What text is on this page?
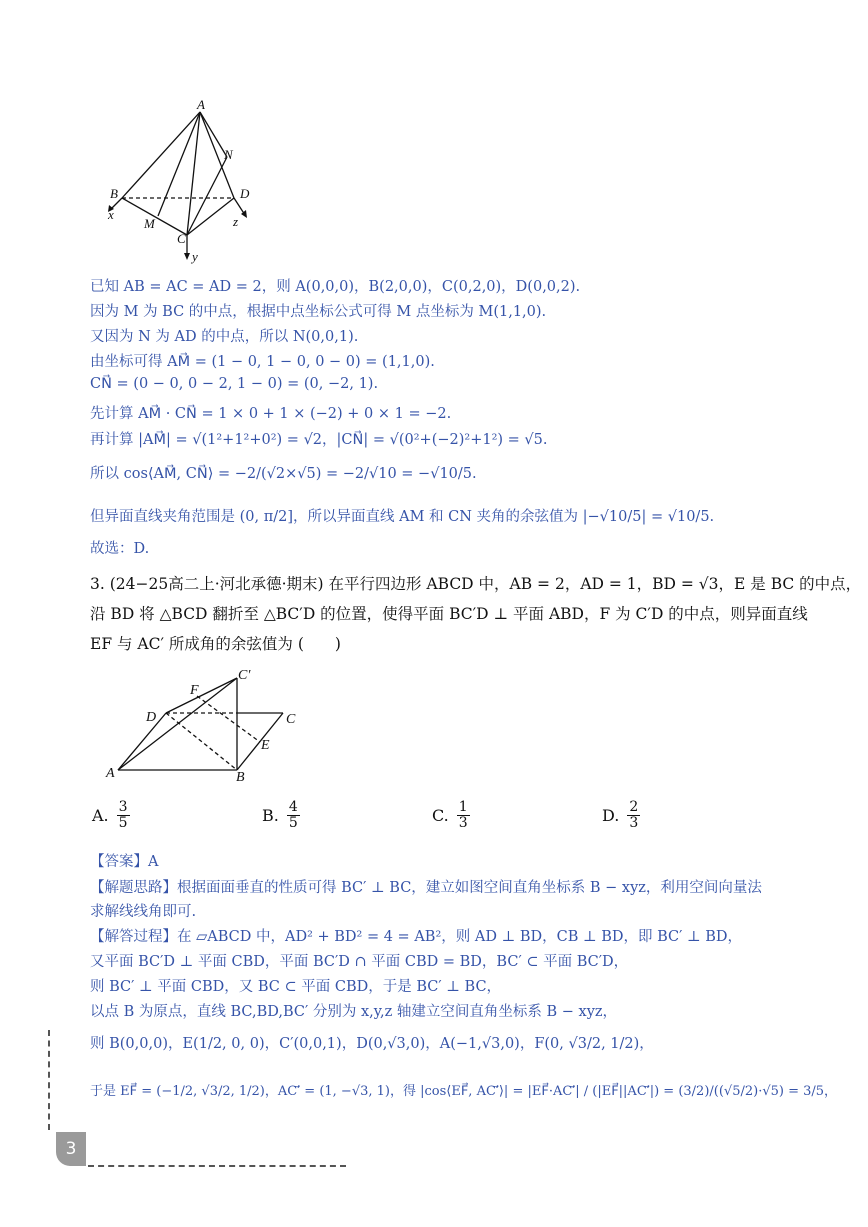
A
B
C
D
M
N
x
y
z
已知 AB = AC = AD = 2，则 A(0,0,0)，B(2,0,0)，C(0,2,0)，D(0,0,2).
因为 M 为 BC 的中点，根据中点坐标公式可得 M 点坐标为 M(1,1,0).
又因为 N 为 AD 的中点，所以 N(0,0,1).
由坐标可得 AM⃗ = (1 − 0, 1 − 0, 0 − 0) = (1,1,0).
CN⃗ = (0 − 0, 0 − 2, 1 − 0) = (0, −2, 1).
先计算 AM⃗ · CN⃗ = 1 × 0 + 1 × (−2) + 0 × 1 = −2.
再计算 |AM⃗| = √(1²+1²+0²) = √2，|CN⃗| = √(0²+(−2)²+1²) = √5.
所以 cos⟨AM⃗, CN⃗⟩ = −2/(√2×√5) = −2/√10 = −√10/5.
但异面直线夹角范围是 (0, π/2]，所以异面直线 AM 和 CN 夹角的余弦值为 |−√10/5| = √10/5.
故选：D.
3. (24−25高二上·河北承德·期末) 在平行四边形 ABCD 中，AB = 2，AD = 1，BD = √3，E 是 BC 的中点，
沿 BD 将 △BCD 翻折至 △BC′D 的位置，使得平面 BC′D ⊥ 平面 ABD，F 为 C′D 的中点，则异面直线
EF 与 AC′ 所成角的余弦值为 (　　)
C′
F
D	C
E
A	B
A. $\frac{3}{5}$	B. $\frac{4}{5}$	C. $\frac{1}{3}$	D. $\frac{2}{3}$
【答案】A
【解题思路】根据面面垂直的性质可得 BC′ ⊥ BC，建立如图空间直角坐标系 B − xyz，利用空间向量法
求解线线角即可.
【解答过程】在 ▱ABCD 中，AD² + BD² = 4 = AB²，则 AD ⊥ BD，CB ⊥ BD，即 BC′ ⊥ BD，
又平面 BC′D ⊥ 平面 CBD，平面 BC′D ∩ 平面 CBD = BD，BC′ ⊂ 平面 BC′D，
则 BC′ ⊥ 平面 CBD，又 BC ⊂ 平面 CBD，于是 BC′ ⊥ BC，
以点 B 为原点，直线 BC,BD,BC′ 分别为 x,y,z 轴建立空间直角坐标系 B − xyz，
则 B(0,0,0)，E(1/2, 0, 0)，C′(0,0,1)，D(0,√3,0)，A(−1,√3,0)，F(0, √3/2, 1/2)，
于是 EF⃗ = (−1/2, √3/2, 1/2)，AC′⃗ = (1, −√3, 1)，得 |cos⟨EF⃗, AC′⃗⟩| = |EF⃗·AC′⃗| / (|EF⃗||AC′⃗|) = (3/2)/((√5/2)·√5) = 3/5，
3
